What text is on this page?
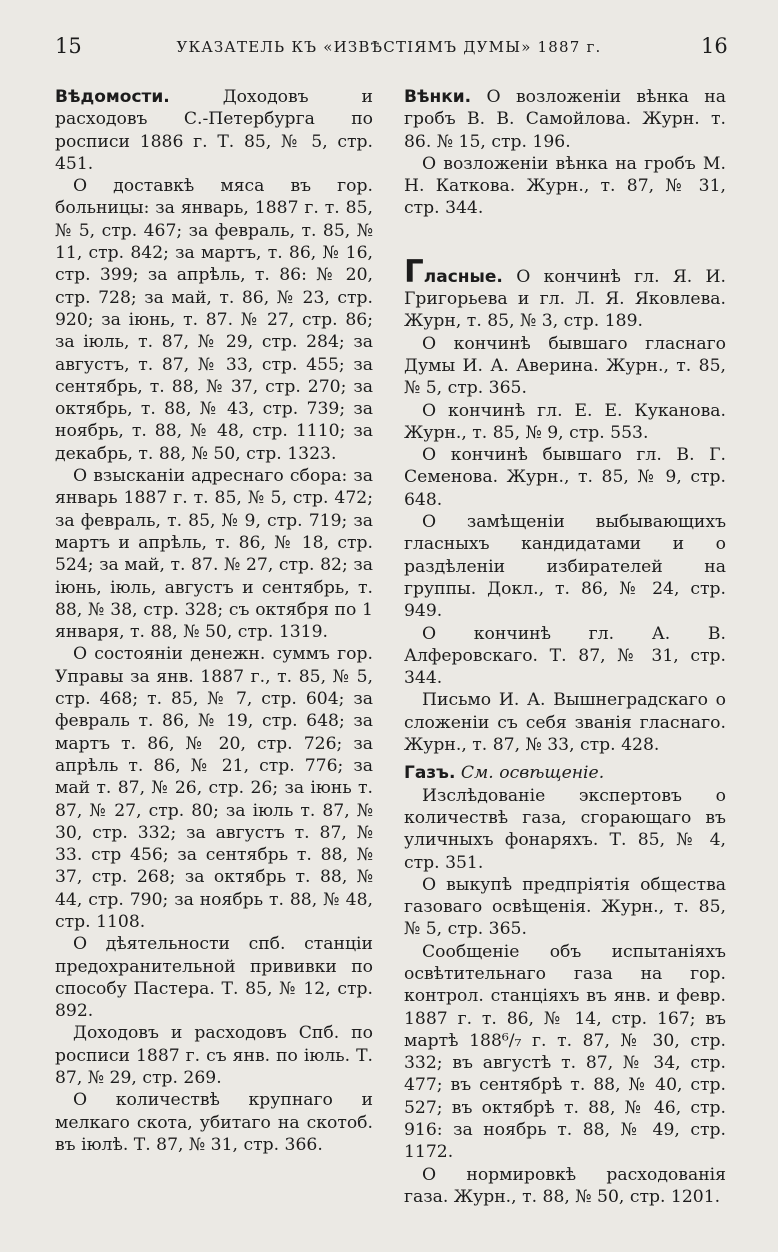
15	УКАЗАТЕЛЬ КЪ «ИЗВѢСТІЯМЪ ДУМЫ» 1887 г.	16

Вѣдомости.	Доходовъ и расходовъ С.-Петербурга по росписи 1886 г. Т. 85, № 5, стр. 451.

О доставкѣ мяса въ гор. больницы: за январь, 1887 г. т. 85, № 5, стр. 467; за февраль, т. 85, № 11, стр. 842; за мартъ, т. 86, № 16, стр. 399; за апрѣль, т. 86: № 20, стр. 728; за май, т. 86, № 23, стр. 920; за іюнь, т. 87. № 27, стр. 86; за іюль, т. 87, № 29, стр. 284; за августъ, т. 87, № 33, стр. 455; за сентябрь, т. 88, № 37, стр. 270; за октябрь, т. 88, № 43, стр. 739; за ноябрь, т. 88, № 48, стр. 1110; за декабрь, т. 88, № 50, стр. 1323.

О взысканіи адреснаго сбора: за январь 1887 г. т. 85, № 5, стр. 472; за февраль, т. 85, № 9, стр. 719; за мартъ и апрѣль, т. 86, № 18, стр. 524; за май, т. 87. № 27, стр. 82; за іюнь, іюль, августъ и сентябрь, т. 88, № 38, стр. 328; съ октября по 1 января, т. 88, № 50, стр. 1319.

О состояніи денежн. суммъ гор. Управы за янв. 1887 г., т. 85, № 5, стр. 468; т. 85, № 7, стр. 604; за февраль т. 86, № 19, стр. 648; за мартъ т. 86, № 20, стр. 726; за апрѣль т. 86, № 21, стр. 776; за май т. 87, № 26, стр. 26; за іюнь т. 87, № 27, стр. 80; за іюль т. 87, № 30, стр. 332; за августъ т. 87, № 33. стр 456; за сентябрь т. 88, № 37, стр. 268; за октябрь т. 88, № 44, стр. 790; за ноябрь т. 88, № 48, стр. 1108.

О дѣятельности спб. станціи предохранительной прививки по способу Пастера. Т. 85, № 12, стр. 892.

Доходовъ и расходовъ Спб. по росписи 1887 г. съ янв. по іюль. Т. 87, № 29, стр. 269.

О количествѣ крупнаго и мелкаго скота, убитаго на скотоб. въ іюлѣ. Т. 87, № 31, стр. 366.

Вѣнки. О возложеніи вѣнка на гробъ В. В. Самойлова. Журн. т. 86. № 15, стр. 196.

О возложеніи вѣнка на гробъ М. Н. Каткова. Журн., т. 87, № 31, стр. 344.

Гласные. О кончинѣ гл. Я. И. Григорьева и гл. Л. Я. Яковлева. Журн, т. 85, № 3, стр. 189.

О кончинѣ бывшаго гласнаго Думы И. А. Аверина. Журн., т. 85, № 5, стр. 365.

О кончинѣ гл. Е. Е. Куканова. Журн., т. 85, № 9, стр. 553.

О кончинѣ бывшаго гл. В. Г. Семенова. Журн., т. 85, № 9, стр. 648.

О замѣщеніи выбывающихъ гласныхъ кандидатами и о раздѣленіи избирателей на группы. Докл., т. 86, № 24, стр. 949.

О кончинѣ гл. А. В. Алферовскаго. Т. 87, № 31, стр. 344.

Письмо И. А. Вышнеградскаго о сложеніи съ себя званія гласнаго. Журн., т. 87, № 33, стр. 428.

Газъ. См. освѣщеніе.

Изслѣдованіе экспертовъ о количествѣ газа, сгорающаго въ уличныхъ фонаряхъ. Т. 85, № 4, стр. 351.

О выкупѣ предпріятія общества газоваго освѣщенія. Журн., т. 85, № 5, стр. 365.

Сообщеніе объ испытаніяхъ освѣтительнаго газа на гор. контрол. станціяхъ въ янв. и февр. 1887 г. т. 86, № 14, стр. 167; въ мартѣ 188⁶/₇ г. т. 87, № 30, стр. 332; въ августѣ т. 87, № 34, стр. 477; въ сентябрѣ т. 88, № 40, стр. 527; въ октябрѣ т. 88, № 46, стр. 916: за ноябрь т. 88, № 49, стр. 1172.

О нормировкѣ расходованія газа. Журн., т. 88, № 50, стр. 1201.
